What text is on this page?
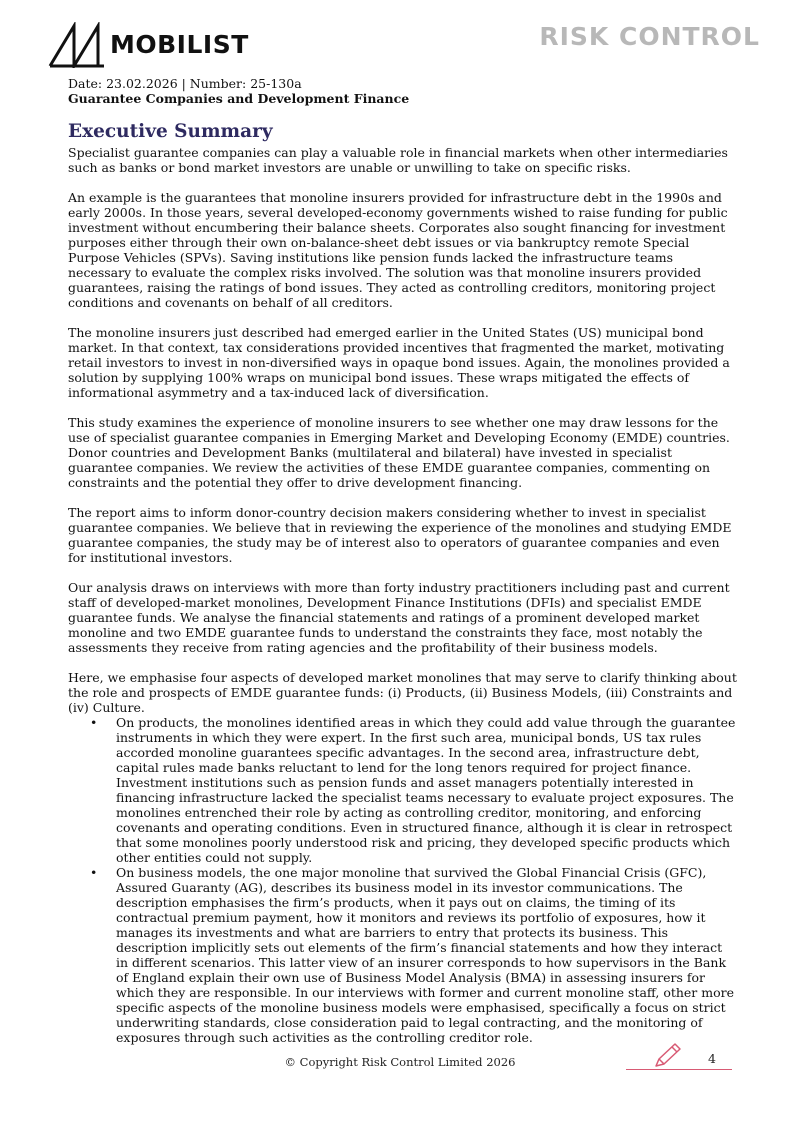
MOBILIST	RISK CONTROL
Date: 23.02.2026 | Number: 25-130a
Guarantee Companies and Development Finance
Executive Summary

Specialist guarantee companies can play a valuable role in financial markets when other intermediaries such as banks or bond market investors are unable or unwilling to take on specific risks.

An example is the guarantees that monoline insurers provided for infrastructure debt in the 1990s and early 2000s. In those years, several developed-economy governments wished to raise funding for public investment without encumbering their balance sheets. Corporates also sought financing for investment purposes either through their own on-balance-sheet debt issues or via bankruptcy remote Special Purpose Vehicles (SPVs). Saving institutions like pension funds lacked the infrastructure teams necessary to evaluate the complex risks involved. The solution was that monoline insurers provided guarantees, raising the ratings of bond issues. They acted as controlling creditors, monitoring project conditions and covenants on behalf of all creditors.

The monoline insurers just described had emerged earlier in the United States (US) municipal bond market. In that context, tax considerations provided incentives that fragmented the market, motivating retail investors to invest in non-diversified ways in opaque bond issues. Again, the monolines provided a solution by supplying 100% wraps on municipal bond issues. These wraps mitigated the effects of informational asymmetry and a tax-induced lack of diversification.

This study examines the experience of monoline insurers to see whether one may draw lessons for the use of specialist guarantee companies in Emerging Market and Developing Economy (EMDE) countries. Donor countries and Development Banks (multilateral and bilateral) have invested in specialist guarantee companies. We review the activities of these EMDE guarantee companies, commenting on constraints and the potential they offer to drive development financing.

The report aims to inform donor-country decision makers considering whether to invest in specialist guarantee companies. We believe that in reviewing the experience of the monolines and studying EMDE guarantee companies, the study may be of interest also to operators of guarantee companies and even for institutional investors.

Our analysis draws on interviews with more than forty industry practitioners including past and current staff of developed-market monolines, Development Finance Institutions (DFIs) and specialist EMDE guarantee funds. We analyse the financial statements and ratings of a prominent developed market monoline and two EMDE guarantee funds to understand the constraints they face, most notably the assessments they receive from rating agencies and the profitability of their business models.

Here, we emphasise four aspects of developed market monolines that may serve to clarify thinking about the role and prospects of EMDE guarantee funds: (i) Products, (ii) Business Models, (iii) Constraints and (iv) Culture.

• On products, the monolines identified areas in which they could add value through the guarantee instruments in which they were expert. In the first such area, municipal bonds, US tax rules accorded monoline guarantees specific advantages. In the second area, infrastructure debt, capital rules made banks reluctant to lend for the long tenors required for project finance. Investment institutions such as pension funds and asset managers potentially interested in financing infrastructure lacked the specialist teams necessary to evaluate project exposures. The monolines entrenched their role by acting as controlling creditor, monitoring, and enforcing covenants and operating conditions. Even in structured finance, although it is clear in retrospect that some monolines poorly understood risk and pricing, they developed specific products which other entities could not supply.
• On business models, the one major monoline that survived the Global Financial Crisis (GFC), Assured Guaranty (AG), describes its business model in its investor communications. The description emphasises the firm’s products, when it pays out on claims, the timing of its contractual premium payment, how it monitors and reviews its portfolio of exposures, how it manages its investments and what are barriers to entry that protects its business. This description implicitly sets out elements of the firm’s financial statements and how they interact in different scenarios. This latter view of an insurer corresponds to how supervisors in the Bank of England explain their own use of Business Model Analysis (BMA) in assessing insurers for which they are responsible. In our interviews with former and current monoline staff, other more specific aspects of the monoline business models were emphasised, specifically a focus on strict underwriting standards, close consideration paid to legal contracting, and the monitoring of exposures through such activities as the controlling creditor role.
© Copyright Risk Control Limited 2026	4
